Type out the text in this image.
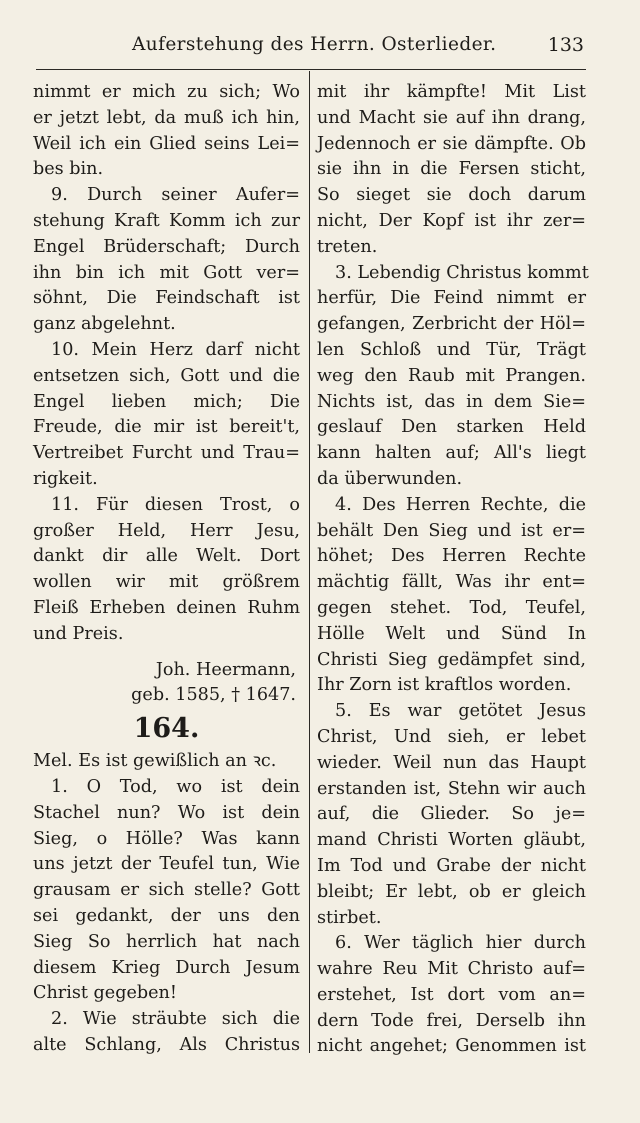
Auferstehung des Herrn. Osterlieder.	133
nimmt er mich zu sich; Wo
er jetzt lebt, da muß ich hin,
Weil ich ein Glied seins Lei=
bes bin.
9. Durch seiner Aufer=
stehung Kraft Komm ich zur
Engel Brüderschaft; Durch
ihn bin ich mit Gott ver=
söhnt, Die Feindschaft ist
ganz abgelehnt.
10. Mein Herz darf nicht
entsetzen sich, Gott und die
Engel lieben mich; Die
Freude, die mir ist bereit't,
Vertreibet Furcht und Trau=
rigkeit.
11. Für diesen Trost, o
großer Held, Herr Jesu,
dankt dir alle Welt. Dort
wollen wir mit größrem
Fleiß Erheben deinen Ruhm
und Preis.
Joh. Heermann,
geb. 1585, † 1647.
164.
Mel. Es ist gewißlich an ꝛc.
1. O Tod, wo ist dein
Stachel nun? Wo ist dein
Sieg, o Hölle? Was kann
uns jetzt der Teufel tun, Wie
grausam er sich stelle? Gott
sei gedankt, der uns den
Sieg So herrlich hat nach
diesem Krieg Durch Jesum
Christ gegeben!
2. Wie sträubte sich die
alte Schlang, Als Christus
mit ihr kämpfte! Mit List
und Macht sie auf ihn drang,
Jedennoch er sie dämpfte. Ob
sie ihn in die Fersen sticht,
So sieget sie doch darum
nicht, Der Kopf ist ihr zer=
treten.
3. Lebendig Christus kommt
herfür, Die Feind nimmt er
gefangen, Zerbricht der Höl=
len Schloß und Tür, Trägt
weg den Raub mit Prangen.
Nichts ist, das in dem Sie=
geslauf Den starken Held
kann halten auf; All's liegt
da überwunden.
4. Des Herren Rechte, die
behält Den Sieg und ist er=
höhet; Des Herren Rechte
mächtig fällt, Was ihr ent=
gegen stehet. Tod, Teufel,
Hölle Welt und Sünd In
Christi Sieg gedämpfet sind,
Ihr Zorn ist kraftlos worden.
5. Es war getötet Jesus
Christ, Und sieh, er lebet
wieder. Weil nun das Haupt
erstanden ist, Stehn wir auch
auf, die Glieder. So je=
mand Christi Worten gläubt,
Im Tod und Grabe der nicht
bleibt; Er lebt, ob er gleich
stirbet.
6. Wer täglich hier durch
wahre Reu Mit Christo auf=
erstehet, Ist dort vom an=
dern Tode frei, Derselb ihn
nicht angehet; Genommen ist
